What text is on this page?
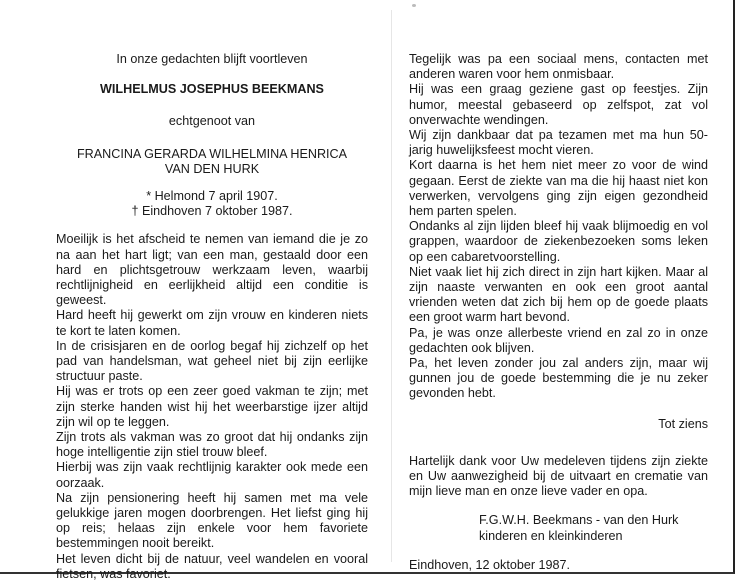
In onze gedachten blijft voortleven

WILHELMUS JOSEPHUS BEEKMANS

echtgenoot van

FRANCINA GERARDA WILHELMINA HENRICA

VAN DEN HURK

* Helmond 7 april 1907.

† Eindhoven 7 oktober 1987.

Moeilijk is het afscheid te nemen van iemand die je zo na aan het hart ligt; van een man, gestaald door een hard en plichtsgetrouw werkzaam leven, waarbij rechtlijnigheid en eerlijkheid altijd een conditie is geweest.

Hard heeft hij gewerkt om zijn vrouw en kinderen niets te kort te laten komen.

In de crisisjaren en de oorlog begaf hij zichzelf op het pad van handelsman, wat geheel niet bij zijn eerlijke structuur paste.

Hij was er trots op een zeer goed vakman te zijn; met zijn sterke handen wist hij het weerbarstige ijzer altijd zijn wil op te leggen.

Zijn trots als vakman was zo groot dat hij ondanks zijn hoge intelligentie zijn stiel trouw bleef.

Hierbij was zijn vaak rechtlijnig karakter ook mede een oorzaak.

Na zijn pensionering heeft hij samen met ma vele gelukkige jaren mogen doorbrengen. Het liefst ging hij op reis; helaas zijn enkele voor hem favoriete bestemmingen nooit bereikt.

Het leven dicht bij de natuur, veel wandelen en vooral fietsen, was favoriet.

Tegelijk was pa een sociaal mens, contacten met anderen waren voor hem onmisbaar.

Hij was een graag geziene gast op feestjes. Zijn humor, meestal gebaseerd op zelfspot, zat vol onverwachte wendingen.

Wij zijn dankbaar dat pa tezamen met ma hun 50-jarig huwelijksfeest mocht vieren.

Kort daarna is het hem niet meer zo voor de wind gegaan. Eerst de ziekte van ma die hij haast niet kon verwerken, vervolgens ging zijn eigen gezondheid hem parten spelen.

Ondanks al zijn lijden bleef hij vaak blijmoedig en vol grappen, waardoor de ziekenbezoeken soms leken op een cabaretvoorstelling.

Niet vaak liet hij zich direct in zijn hart kijken. Maar al zijn naaste verwanten en ook een groot aantal vrienden weten dat zich bij hem op de goede plaats een groot warm hart bevond.

Pa, je was onze allerbeste vriend en zal zo in onze gedachten ook blijven.

Pa, het leven zonder jou zal anders zijn, maar wij gunnen jou de goede bestemming die je nu zeker gevonden hebt.

Tot ziens

Hartelijk dank voor Uw medeleven tijdens zijn ziekte en Uw aanwezigheid bij de uitvaart en crematie van mijn lieve man en onze lieve vader en opa.

F.G.W.H. Beekmans - van den Hurk

kinderen en kleinkinderen

Eindhoven, 12 oktober 1987.
